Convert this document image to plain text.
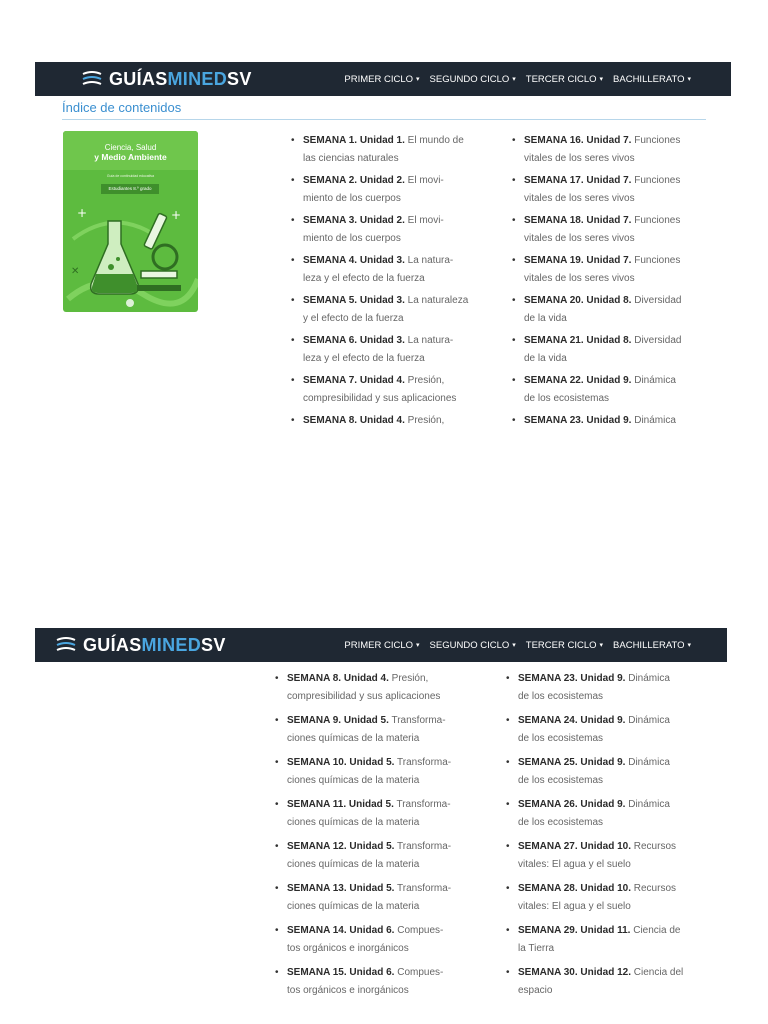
GUÍASMINEDSV	PRIMER CICLO ▾ SEGUNDO CICLO ▾ TERCER CICLO ▾ BACHILLERATO ▾
Índice de contenidos
Ciencia, Salud
y Medio Ambiente
Guía de continuidad educativa
Estudiantes 8.º grado
+	+
✕
• SEMANA 1. Unidad 1. El mundo de
las ciencias naturales
• SEMANA 2. Unidad 2. El movi-
miento de los cuerpos
• SEMANA 3. Unidad 2. El movi-
miento de los cuerpos
• SEMANA 4. Unidad 3. La natura-
leza y el efecto de la fuerza
• SEMANA 5. Unidad 3. La naturaleza
y el efecto de la fuerza
• SEMANA 6. Unidad 3. La natura-
leza y el efecto de la fuerza
• SEMANA 7. Unidad 4. Presión,
compresibilidad y sus aplicaciones
• SEMANA 8. Unidad 4. Presión,
• SEMANA 16. Unidad 7. Funciones
vitales de los seres vivos
• SEMANA 17. Unidad 7. Funciones
vitales de los seres vivos
• SEMANA 18. Unidad 7. Funciones
vitales de los seres vivos
• SEMANA 19. Unidad 7. Funciones
vitales de los seres vivos
• SEMANA 20. Unidad 8. Diversidad
de la vida
• SEMANA 21. Unidad 8. Diversidad
de la vida
• SEMANA 22. Unidad 9. Dinámica
de los ecosistemas
• SEMANA 23. Unidad 9. Dinámica
GUÍASMINEDSV	PRIMER CICLO ▾ SEGUNDO CICLO ▾ TERCER CICLO ▾ BACHILLERATO ▾
• SEMANA 8. Unidad 4. Presión,
compresibilidad y sus aplicaciones
• SEMANA 9. Unidad 5. Transforma-
ciones químicas de la materia
• SEMANA 10. Unidad 5. Transforma-
ciones químicas de la materia
• SEMANA 11. Unidad 5. Transforma-
ciones químicas de la materia
• SEMANA 12. Unidad 5. Transforma-
ciones químicas de la materia
• SEMANA 13. Unidad 5. Transforma-
ciones químicas de la materia
• SEMANA 14. Unidad 6. Compues-
tos orgánicos e inorgánicos
• SEMANA 15. Unidad 6. Compues-
tos orgánicos e inorgánicos
• SEMANA 23. Unidad 9. Dinámica
de los ecosistemas
• SEMANA 24. Unidad 9. Dinámica
de los ecosistemas
• SEMANA 25. Unidad 9. Dinámica
de los ecosistemas
• SEMANA 26. Unidad 9. Dinámica
de los ecosistemas
• SEMANA 27. Unidad 10. Recursos
vitales: El agua y el suelo
• SEMANA 28. Unidad 10. Recursos
vitales: El agua y el suelo
• SEMANA 29. Unidad 11. Ciencia de
la Tierra
• SEMANA 30. Unidad 12. Ciencia del
espacio
